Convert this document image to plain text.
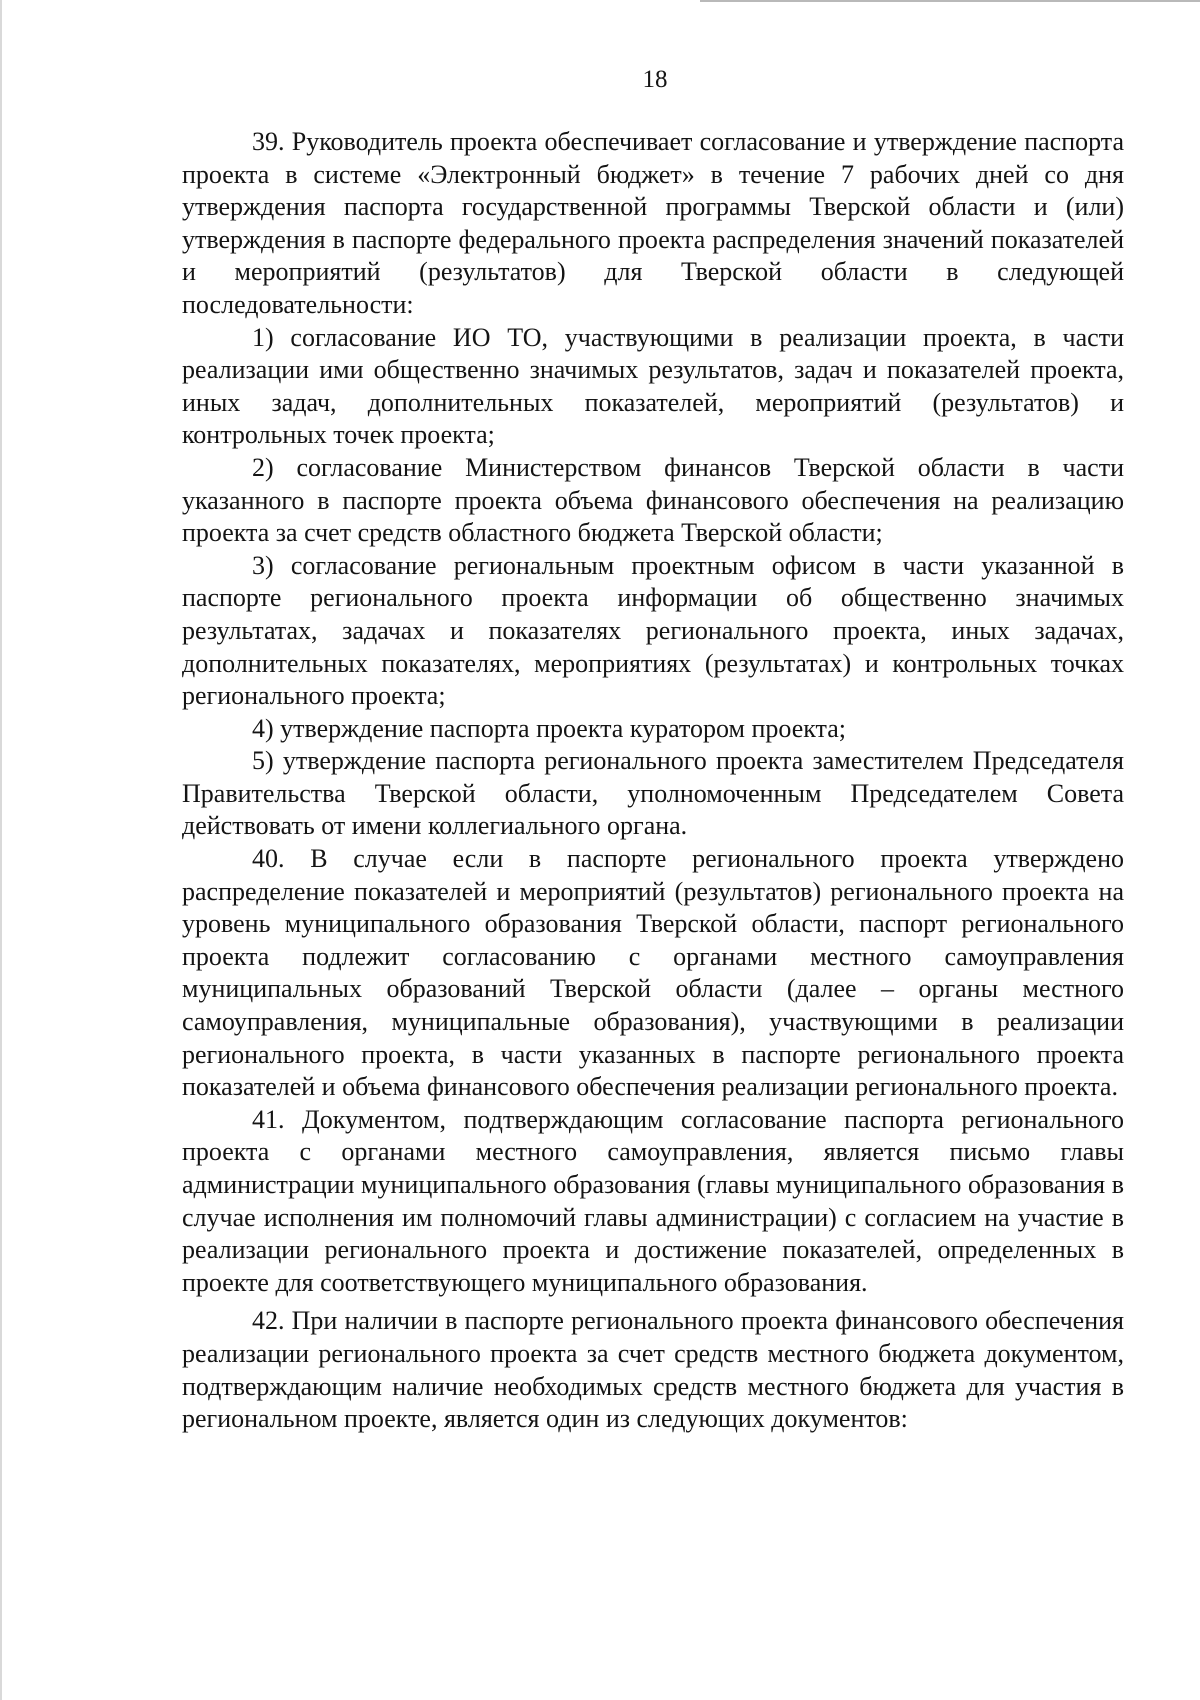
18

39. Руководитель проекта обеспечивает согласование и утверждение паспорта проекта в системе «Электронный бюджет» в течение 7 рабочих дней со дня утверждения паспорта государственной программы Тверской области и (или) утверждения в паспорте федерального проекта распределения значений показателей и мероприятий (результатов) для Тверской области в следующей последовательности:

1) согласование ИО ТО, участвующими в реализации проекта, в части реализации ими общественно значимых результатов, задач и показателей проекта, иных задач, дополнительных показателей, мероприятий (результатов) и контрольных точек проекта;

2) согласование Министерством финансов Тверской области в части указанного в паспорте проекта объема финансового обеспечения на реализацию проекта за счет средств областного бюджета Тверской области;

3) согласование региональным проектным офисом в части указанной в паспорте регионального проекта информации об общественно значимых результатах, задачах и показателях регионального проекта, иных задачах, дополнительных показателях, мероприятиях (результатах) и контрольных точках регионального проекта;

4) утверждение паспорта проекта куратором проекта;

5) утверждение паспорта регионального проекта заместителем Председателя Правительства Тверской области, уполномоченным Председателем Совета действовать от имени коллегиального органа.

40. В случае если в паспорте регионального проекта утверждено распределение показателей и мероприятий (результатов) регионального проекта на уровень муниципального образования Тверской области, паспорт регионального проекта подлежит согласованию с органами местного самоуправления муниципальных образований Тверской области (далее – органы местного самоуправления, муниципальные образования), участвующими в реализации регионального проекта, в части указанных в паспорте регионального проекта показателей и объема финансового обеспечения реализации регионального проекта.

41. Документом, подтверждающим согласование паспорта регионального проекта с органами местного самоуправления, является письмо главы администрации муниципального образования (главы муниципального образования в случае исполнения им полномочий главы администрации) с согласием на участие в реализации регионального проекта и достижение показателей, определенных в проекте для соответствующего муниципального образования.

42. При наличии в паспорте регионального проекта финансового обеспечения реализации регионального проекта за счет средств местного бюджета документом, подтверждающим наличие необходимых средств местного бюджета для участия в региональном проекте, является один из следующих документов:
